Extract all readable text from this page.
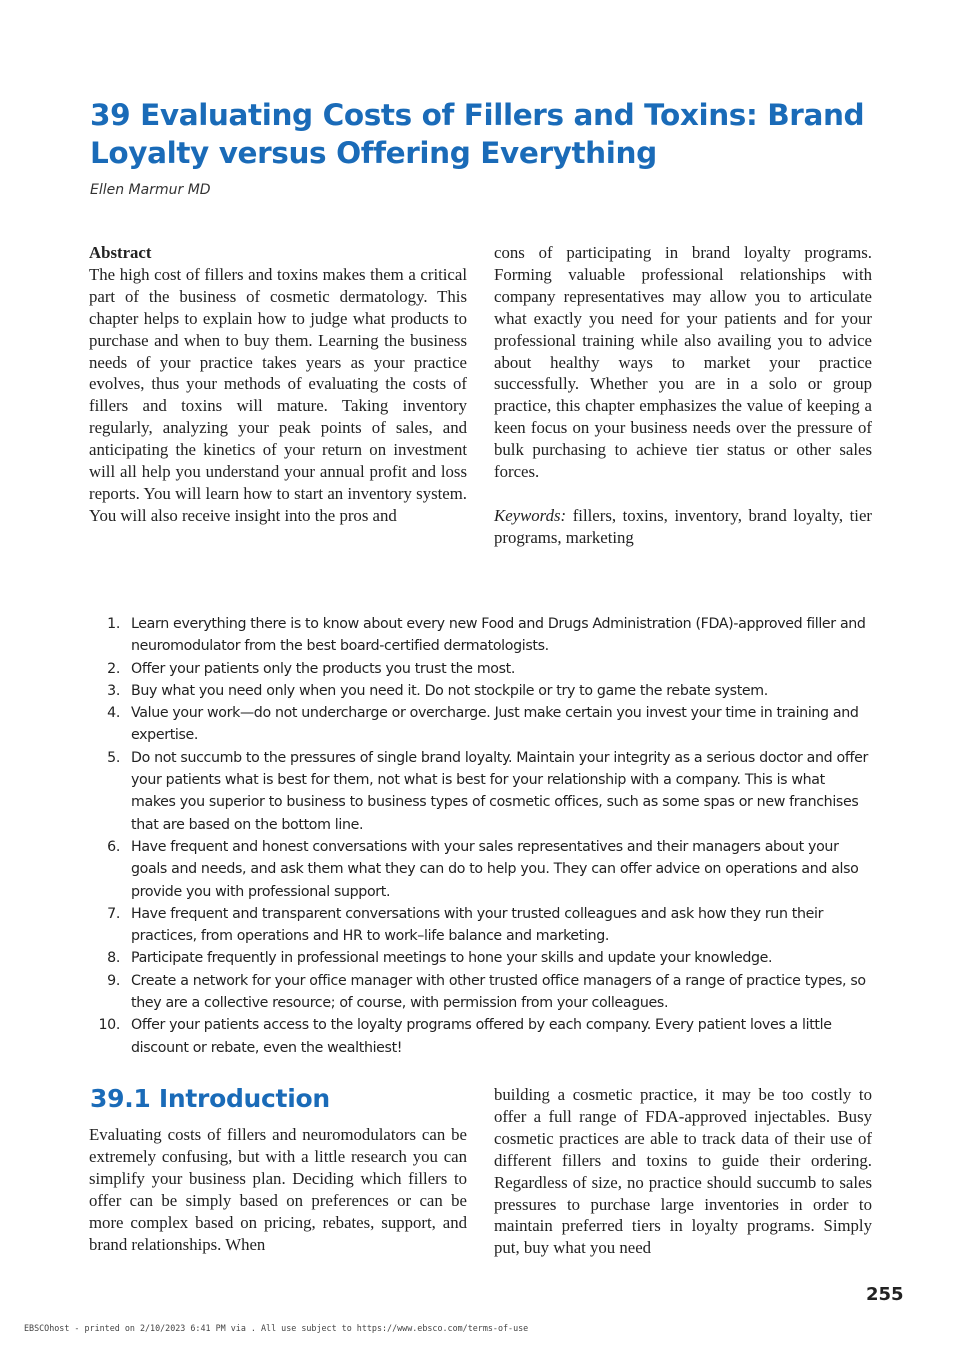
39 Evaluating Costs of Fillers and Toxins: Brand Loyalty versus Offering Everything
Ellen Marmur MD
Abstract
The high cost of fillers and toxins makes them a critical part of the business of cosmetic dermatology. This chapter helps to explain how to judge what products to purchase and when to buy them. Learning the business needs of your practice takes years as your practice evolves, thus your methods of evaluating the costs of fillers and toxins will mature. Taking inventory regularly, analyzing your peak points of sales, and anticipating the kinetics of your return on investment will all help you understand your annual profit and loss reports. You will learn how to start an inventory system. You will also receive insight into the pros and
cons of participating in brand loyalty programs. Forming valuable professional relationships with company representatives may allow you to articulate what exactly you need for your patients and for your professional training while also availing you to advice about healthy ways to market your practice successfully. Whether you are in a solo or group practice, this chapter emphasizes the value of keeping a keen focus on your business needs over the pressure of bulk purchasing to achieve tier status or other sales forces.
Keywords: fillers, toxins, inventory, brand loyalty, tier programs, marketing
1. Learn everything there is to know about every new Food and Drugs Administration (FDA)-approved filler and neuromodulator from the best board-certified dermatologists.
2. Offer your patients only the products you trust the most.
3. Buy what you need only when you need it. Do not stockpile or try to game the rebate system.
4. Value your work—do not undercharge or overcharge. Just make certain you invest your time in training and expertise.
5. Do not succumb to the pressures of single brand loyalty. Maintain your integrity as a serious doctor and offer your patients what is best for them, not what is best for your relationship with a company. This is what makes you superior to business to business types of cosmetic offices, such as some spas or new franchises that are based on the bottom line.
6. Have frequent and honest conversations with your sales representatives and their managers about your goals and needs, and ask them what they can do to help you. They can offer advice on operations and also provide you with professional support.
7. Have frequent and transparent conversations with your trusted colleagues and ask how they run their practices, from operations and HR to work–life balance and marketing.
8. Participate frequently in professional meetings to hone your skills and update your knowledge.
9. Create a network for your office manager with other trusted office managers of a range of practice types, so they are a collective resource; of course, with permission from your colleagues.
10. Offer your patients access to the loyalty programs offered by each company. Every patient loves a little discount or rebate, even the wealthiest!
39.1 Introduction
Evaluating costs of fillers and neuromodulators can be extremely confusing, but with a little research you can simplify your business plan. Deciding which fillers to offer can be simply based on preferences or can be more complex based on pricing, rebates, support, and brand relationships. When
building a cosmetic practice, it may be too costly to offer a full range of FDA-approved injectables. Busy cosmetic practices are able to track data of their use of different fillers and toxins to guide their ordering. Regardless of size, no practice should succumb to sales pressures to purchase large inventories in order to maintain preferred tiers in loyalty programs. Simply put, buy what you need
255
EBSCOhost - printed on 2/10/2023 6:41 PM via . All use subject to https://www.ebsco.com/terms-of-use
